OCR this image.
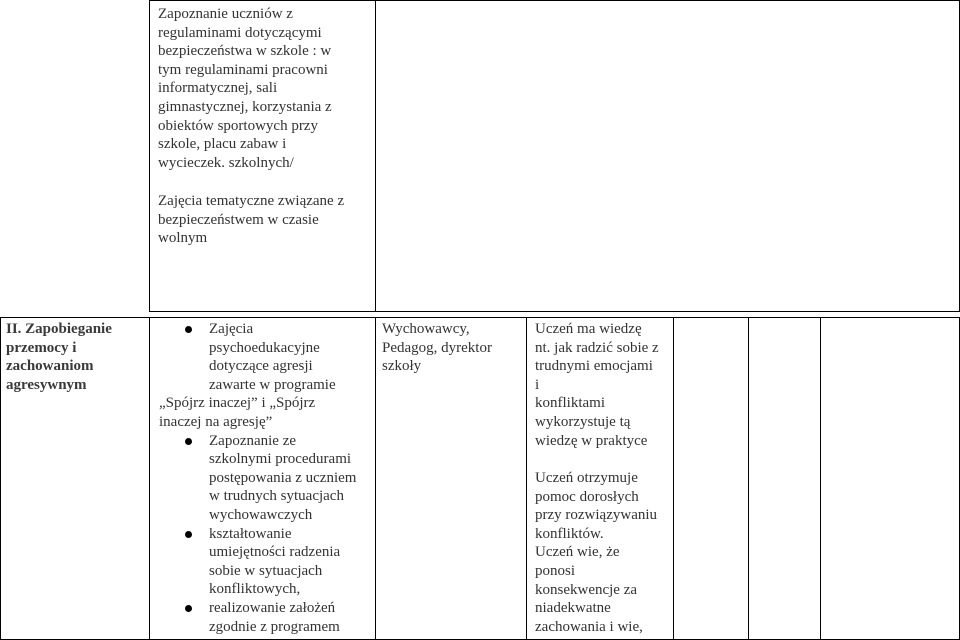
Zapoznanie uczniów z
regulaminami dotyczącymi
bezpieczeństwa w szkole : w
tym regulaminami pracowni
informatycznej, sali
gimnastycznej, korzystania z
obiektów sportowych przy
szkole, placu zabaw i
wycieczek. szkolnych/
Zajęcia tematyczne związane z
bezpieczeństwem w czasie
wolnym
II. Zapobieganie
przemocy i
zachowaniom
agresywnym
Zajęcia
psychoedukacyjne
dotyczące agresji
zawarte w programie
„Spójrz inaczej” i „Spójrz
inaczej na agresję”
Zapoznanie ze
szkolnymi procedurami
postępowania z uczniem
w trudnych sytuacjach
wychowawczych
kształtowanie
umiejętności radzenia
sobie w sytuacjach
konfliktowych,
realizowanie założeń
zgodnie z programem
Wychowawcy,
Pedagog, dyrektor
szkoły
Uczeń ma wiedzę
nt. jak radzić sobie z
trudnymi emocjami
i
konfliktami
wykorzystuje tą
wiedzę w praktyce
Uczeń otrzymuje
pomoc dorosłych
przy rozwiązywaniu
konfliktów.
Uczeń wie, że
ponosi
konsekwencje za
niadekwatne
zachowania i wie,
